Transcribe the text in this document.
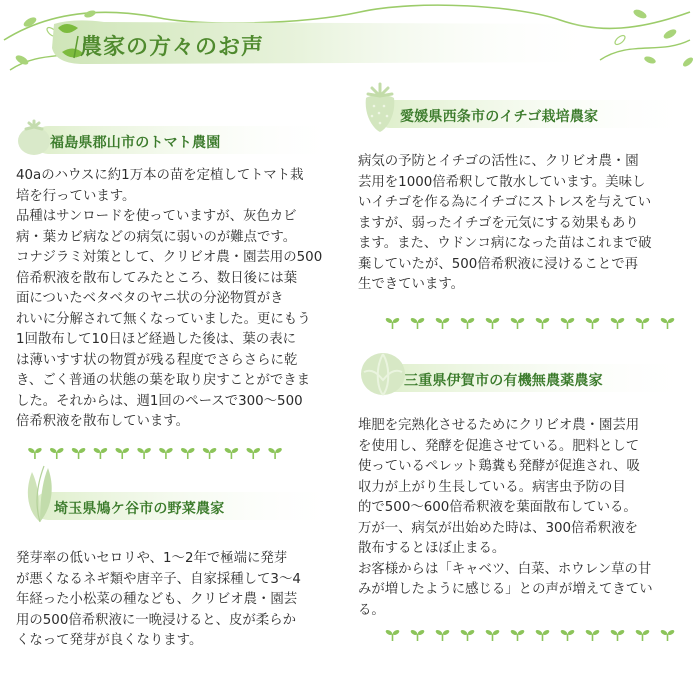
農家の方々のお声
福島県郡山市のトマト農園
40aのハウスに約1万本の苗を定植してトマト栽
培を行っています。
品種はサンロードを使っていますが、灰色カビ
病・葉カビ病などの病気に弱いのが難点です。
コナジラミ対策として、クリビオ農・園芸用の500
倍希釈液を散布してみたところ、数日後には葉
面についたベタベタのヤニ状の分泌物質がき
れいに分解されて無くなっていました。更にもう
1回散布して10日ほど経過した後は、葉の表に
は薄いすす状の物質が残る程度でさらさらに乾
き、ごく普通の状態の葉を取り戻すことができま
した。それからは、週1回のペースで300～500
倍希釈液を散布しています。
埼玉県鳩ケ谷市の野菜農家
発芽率の低いセロリや、1～2年で極端に発芽
が悪くなるネギ類や唐辛子、自家採種して3～4
年経った小松菜の種なども、クリビオ農・園芸
用の500倍希釈液に一晩浸けると、皮が柔らか
くなって発芽が良くなります。
愛媛県西条市のイチゴ栽培農家
病気の予防とイチゴの活性に、クリビオ農・園
芸用を1000倍希釈して散水しています。美味し
いイチゴを作る為にイチゴにストレスを与えてい
ますが、弱ったイチゴを元気にする効果もあり
ます。また、ウドンコ病になった苗はこれまで破
棄していたが、500倍希釈液に浸けることで再
生できています。
三重県伊賀市の有機無農薬農家
堆肥を完熟化させるためにクリビオ農・園芸用
を使用し、発酵を促進させている。肥料として
使っているペレット鶏糞も発酵が促進され、吸
収力が上がり生長している。病害虫予防の目
的で500～600倍希釈液を葉面散布している。
万が一、病気が出始めた時は、300倍希釈液を
散布するとほぼ止まる。
お客様からは「キャベツ、白菜、ホウレン草の甘
みが増したように感じる」との声が増えてきてい
る。
